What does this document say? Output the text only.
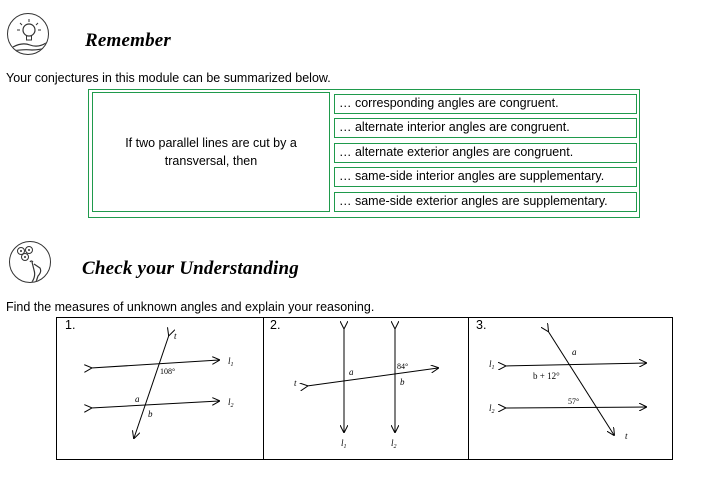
Remember
Your conjectures in this module can be summarized below.
If two parallel lines are cut by a transversal, then
… corresponding angles are congruent.
… alternate interior angles are congruent.
… alternate exterior angles are congruent.
… same-side interior angles are supplementary.
… same-side exterior angles are supplementary.
Check your Understanding
Find the measures of unknown angles and explain your reasoning.
1.
t
$l_1$
$l_2$
108°
a
b
2.
t
a
84°
b
$l_1$	$l_2$
3.
a
$l_1$
b + 12°
$l_2$
57°
t
